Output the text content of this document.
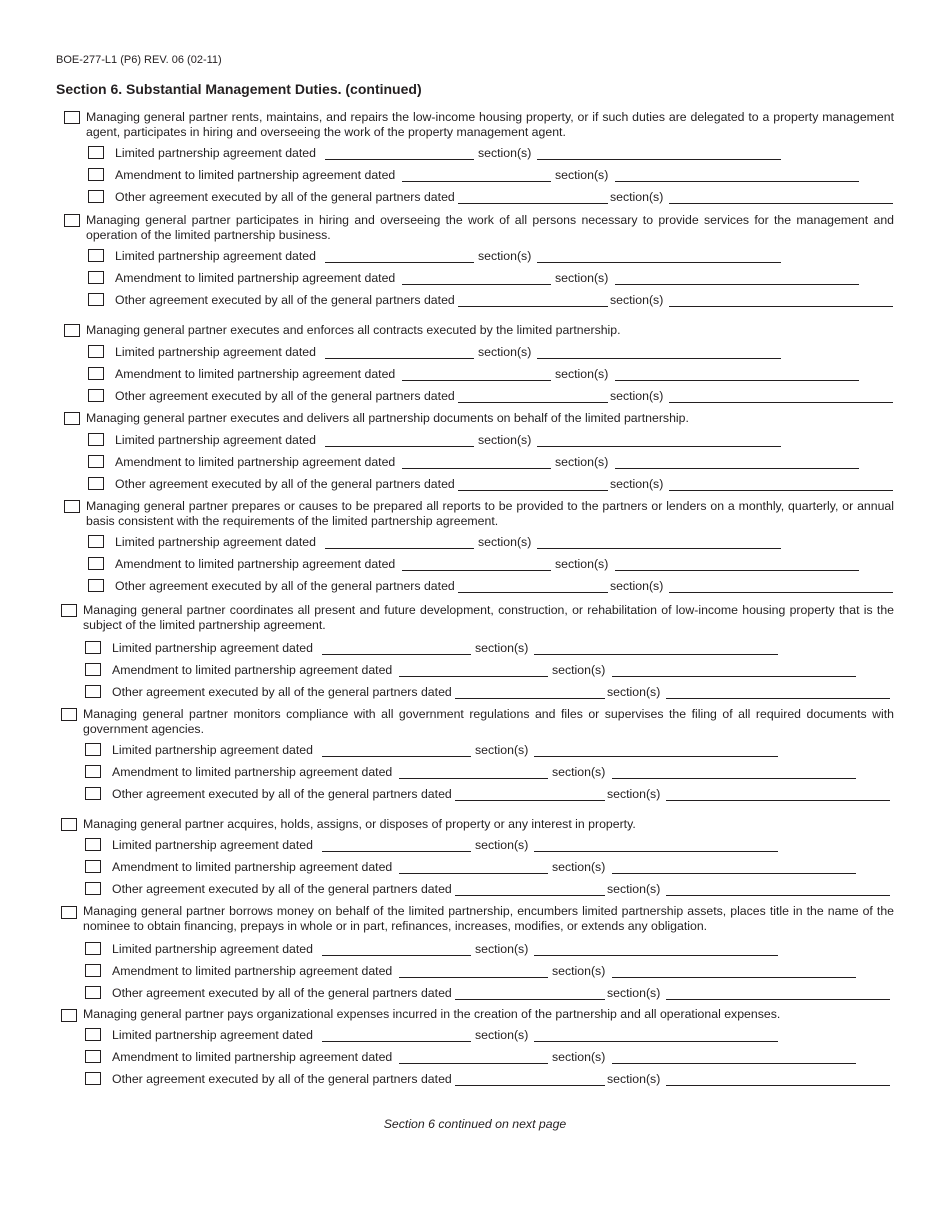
BOE-277-L1 (P6) REV. 06 (02-11)
Section 6. Substantial Management Duties. (continued)

Managing general partner rents, maintains, and repairs the low-income housing property, or if such duties are delegated to a property management agent, participates in hiring and overseeing the work of the property management agent.

Limited partnership agreement dated	section(s)
Amendment to limited partnership agreement dated	section(s)
Other agreement executed by all of the general partners dated	section(s)

Managing general partner participates in hiring and overseeing the work of all persons necessary to provide services for the management and operation of the limited partnership business.

Limited partnership agreement dated	section(s)
Amendment to limited partnership agreement dated	section(s)
Other agreement executed by all of the general partners dated	section(s)

Managing general partner executes and enforces all contracts executed by the limited partnership.

Limited partnership agreement dated	section(s)
Amendment to limited partnership agreement dated	section(s)
Other agreement executed by all of the general partners dated	section(s)

Managing general partner executes and delivers all partnership documents on behalf of the limited partnership.

Limited partnership agreement dated	section(s)
Amendment to limited partnership agreement dated	section(s)
Other agreement executed by all of the general partners dated	section(s)

Managing general partner prepares or causes to be prepared all reports to be provided to the partners or lenders on a monthly, quarterly, or annual basis consistent with the requirements of the limited partnership agreement.

Limited partnership agreement dated	section(s)
Amendment to limited partnership agreement dated	section(s)
Other agreement executed by all of the general partners dated	section(s)

Managing general partner coordinates all present and future development, construction, or rehabilitation of low-income housing property that is the subject of the limited partnership agreement.

Limited partnership agreement dated	section(s)
Amendment to limited partnership agreement dated	section(s)
Other agreement executed by all of the general partners dated	section(s)

Managing general partner monitors compliance with all government regulations and files or supervises the filing of all required documents with government agencies.

Limited partnership agreement dated	section(s)
Amendment to limited partnership agreement dated	section(s)
Other agreement executed by all of the general partners dated	section(s)

Managing general partner acquires, holds, assigns, or disposes of property or any interest in property.

Limited partnership agreement dated	section(s)
Amendment to limited partnership agreement dated	section(s)
Other agreement executed by all of the general partners dated	section(s)

Managing general partner borrows money on behalf of the limited partnership, encumbers limited partnership assets, places title in the name of the nominee to obtain financing, prepays in whole or in part, refinances, increases, modifies, or extends any obligation.

Limited partnership agreement dated	section(s)
Amendment to limited partnership agreement dated	section(s)
Other agreement executed by all of the general partners dated	section(s)

Managing general partner pays organizational expenses incurred in the creation of the partnership and all operational expenses.

Limited partnership agreement dated	section(s)
Amendment to limited partnership agreement dated	section(s)
Other agreement executed by all of the general partners dated	section(s)
Section 6 continued on next page
